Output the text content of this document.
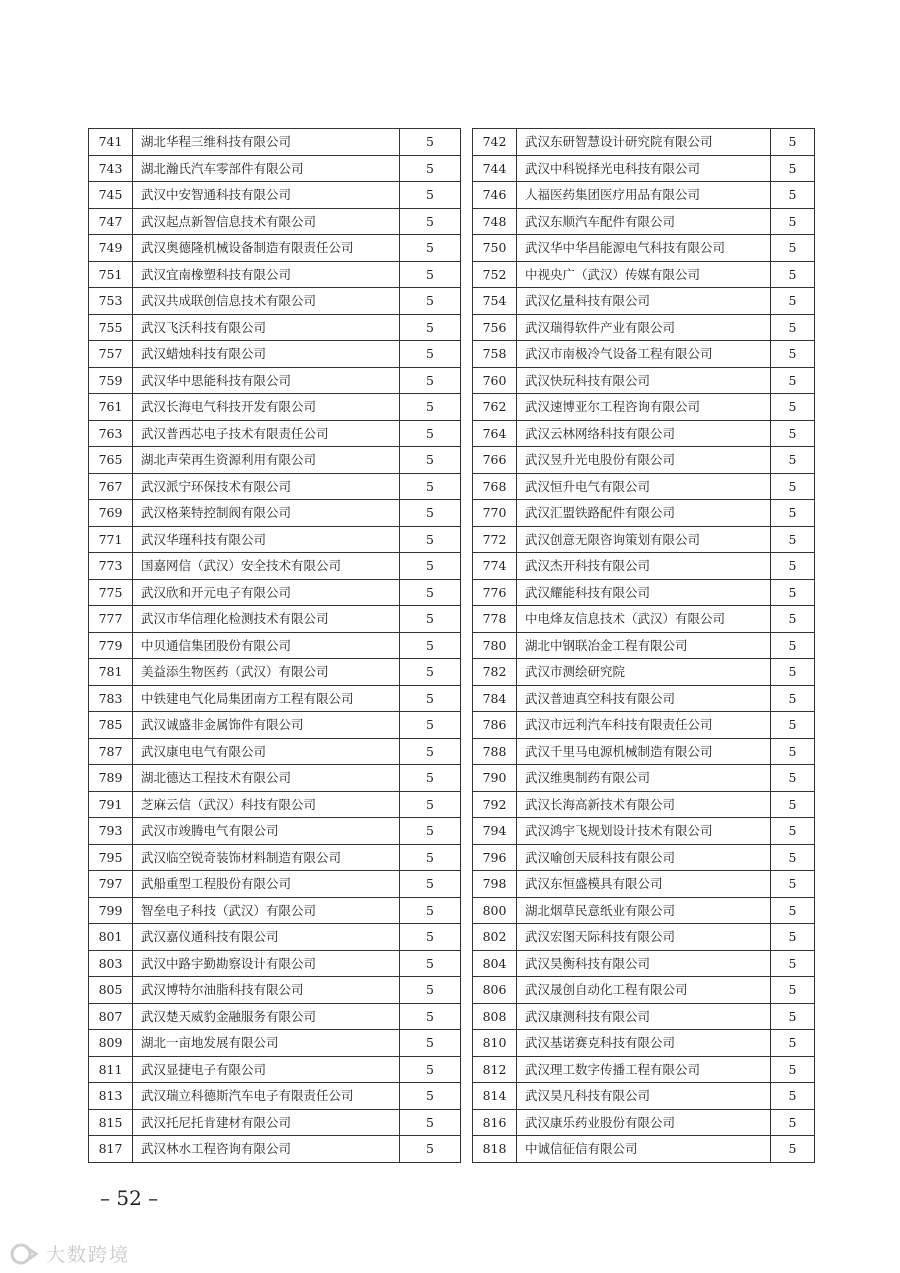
741	湖北华程三维科技有限公司	5		742	武汉东研智慧设计研究院有限公司	5
743	湖北瀚氏汽车零部件有限公司	5		744	武汉中科锐择光电科技有限公司	5
745	武汉中安智通科技有限公司	5		746	人福医药集团医疗用品有限公司	5
747	武汉起点新智信息技术有限公司	5		748	武汉东顺汽车配件有限公司	5
749	武汉奥德隆机械设备制造有限责任公司	5		750	武汉华中华昌能源电气科技有限公司	5
751	武汉宜南橡塑科技有限公司	5		752	中视央广（武汉）传媒有限公司	5
753	武汉共成联创信息技术有限公司	5		754	武汉亿量科技有限公司	5
755	武汉飞沃科技有限公司	5		756	武汉瑞得软件产业有限公司	5
757	武汉蜡烛科技有限公司	5		758	武汉市南极冷气设备工程有限公司	5
759	武汉华中思能科技有限公司	5		760	武汉快玩科技有限公司	5
761	武汉长海电气科技开发有限公司	5		762	武汉速博亚尔工程咨询有限公司	5
763	武汉普西芯电子技术有限责任公司	5		764	武汉云林网络科技有限公司	5
765	湖北声荣再生资源利用有限公司	5		766	武汉昱升光电股份有限公司	5
767	武汉派宁环保技术有限公司	5		768	武汉恒升电气有限公司	5
769	武汉格莱特控制阀有限公司	5		770	武汉汇盟铁路配件有限公司	5
771	武汉华瑾科技有限公司	5		772	武汉创意无限咨询策划有限公司	5
773	国嘉网信（武汉）安全技术有限公司	5		774	武汉杰开科技有限公司	5
775	武汉欣和开元电子有限公司	5		776	武汉耀能科技有限公司	5
777	武汉市华信理化检测技术有限公司	5		778	中电烽友信息技术（武汉）有限公司	5
779	中贝通信集团股份有限公司	5		780	湖北中钢联冶金工程有限公司	5
781	美益添生物医药（武汉）有限公司	5		782	武汉市测绘研究院	5
783	中铁建电气化局集团南方工程有限公司	5		784	武汉普迪真空科技有限公司	5
785	武汉诚盛非金属饰件有限公司	5		786	武汉市远利汽车科技有限责任公司	5
787	武汉康电电气有限公司	5		788	武汉千里马电源机械制造有限公司	5
789	湖北德达工程技术有限公司	5		790	武汉维奥制药有限公司	5
791	芝麻云信（武汉）科技有限公司	5		792	武汉长海高新技术有限公司	5
793	武汉市竣腾电气有限公司	5		794	武汉鸿宇飞规划设计技术有限公司	5
795	武汉临空锐奇装饰材料制造有限公司	5		796	武汉喻创天辰科技有限公司	5
797	武船重型工程股份有限公司	5		798	武汉东恒盛模具有限公司	5
799	智垒电子科技（武汉）有限公司	5		800	湖北烟草民意纸业有限公司	5
801	武汉嘉仪通科技有限公司	5		802	武汉宏图天际科技有限公司	5
803	武汉中路宇勤勘察设计有限公司	5		804	武汉昊衡科技有限公司	5
805	武汉博特尔油脂科技有限公司	5		806	武汉晟创自动化工程有限公司	5
807	武汉楚天威豹金融服务有限公司	5		808	武汉康测科技有限公司	5
809	湖北一亩地发展有限公司	5		810	武汉基诺赛克科技有限公司	5
811	武汉显捷电子有限公司	5		812	武汉理工数字传播工程有限公司	5
813	武汉瑞立科德斯汽车电子有限责任公司	5		814	武汉昊凡科技有限公司	5
815	武汉托尼托肯建材有限公司	5		816	武汉康乐药业股份有限公司	5
817	武汉林水工程咨询有限公司	5		818	中诚信征信有限公司	5
– 52 –
大数跨境
